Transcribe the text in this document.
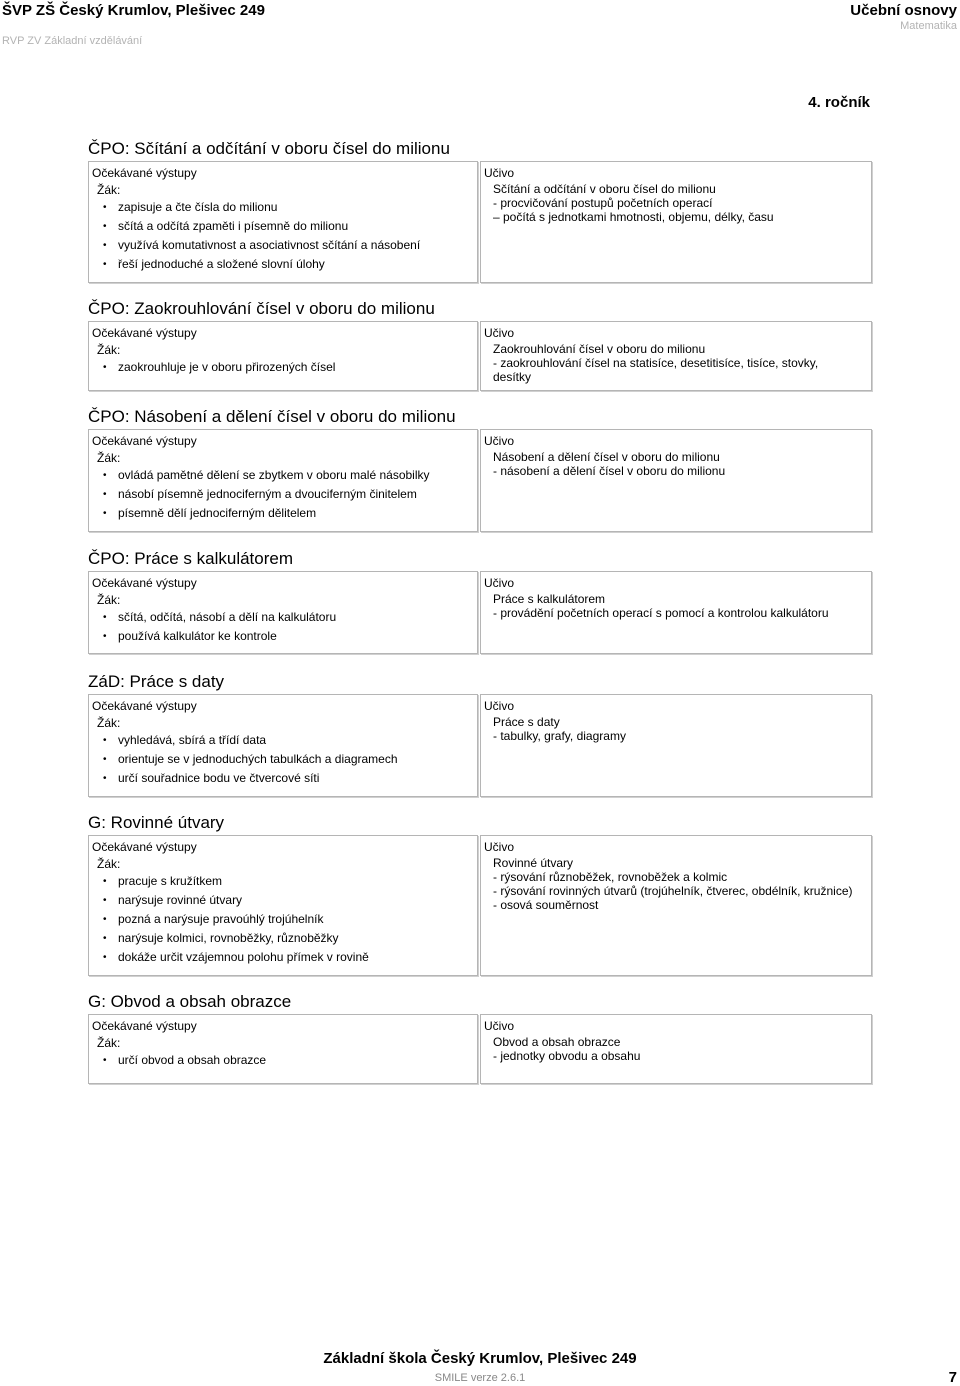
ŠVP ZŠ Český Krumlov, Plešivec 249
RVP ZV Základní vzdělávání
Učební osnovy
Matematika
4. ročník
ČPO: Sčítání a odčítání v oboru čísel do milionu
Očekávané výstupy
Žák:
• zapisuje a čte čísla do milionu
• sčítá a odčítá zpaměti i písemně do milionu
• využívá komutativnost a asociativnost sčítání a násobení
• řeší jednoduché a složené slovní úlohy
Učivo
Sčítání a odčítání v oboru čísel do milionu
- procvičování postupů početních operací
– počítá s jednotkami hmotnosti, objemu, délky, času
ČPO: Zaokrouhlování čísel v oboru do milionu
Očekávané výstupy
Žák:
• zaokrouhluje je v oboru přirozených čísel
Učivo
Zaokrouhlování čísel v oboru do milionu
- zaokrouhlování čísel na statisíce, desetitisíce, tisíce, stovky,
desítky
ČPO: Násobení a dělení čísel v oboru do milionu
Očekávané výstupy
Žák:
• ovládá pamětné dělení se zbytkem v oboru malé násobilky
• násobí písemně jednociferným a dvouciferným činitelem
• písemně dělí jednociferným dělitelem
Učivo
Násobení a dělení čísel v oboru do milionu
- násobení a dělení čísel v oboru do milionu
ČPO: Práce s kalkulátorem
Očekávané výstupy
Žák:
• sčítá, odčítá, násobí a dělí na kalkulátoru
• používá kalkulátor ke kontrole
Učivo
Práce s kalkulátorem
- provádění početních operací s pomocí a kontrolou kalkulátoru
ZáD: Práce s daty
Očekávané výstupy
Žák:
• vyhledává, sbírá a třídí data
• orientuje se v jednoduchých tabulkách a diagramech
• určí souřadnice bodu ve čtvercové síti
Učivo
Práce s daty
- tabulky, grafy, diagramy
G: Rovinné útvary
Očekávané výstupy
Žák:
• pracuje s kružítkem
• narýsuje rovinné útvary
• pozná a narýsuje pravoúhlý trojúhelník
• narýsuje kolmici, rovnoběžky, různoběžky
• dokáže určit vzájemnou polohu přímek v rovině
Učivo
Rovinné útvary
- rýsování různoběžek, rovnoběžek a kolmic
- rýsování rovinných útvarů (trojúhelník, čtverec, obdélník, kružnice)
- osová souměrnost
G: Obvod a obsah obrazce
Očekávané výstupy
Žák:
• určí obvod a obsah obrazce
Učivo
Obvod a obsah obrazce
- jednotky obvodu a obsahu
Základní škola Český Krumlov, Plešivec 249
SMILE verze 2.6.1	7
